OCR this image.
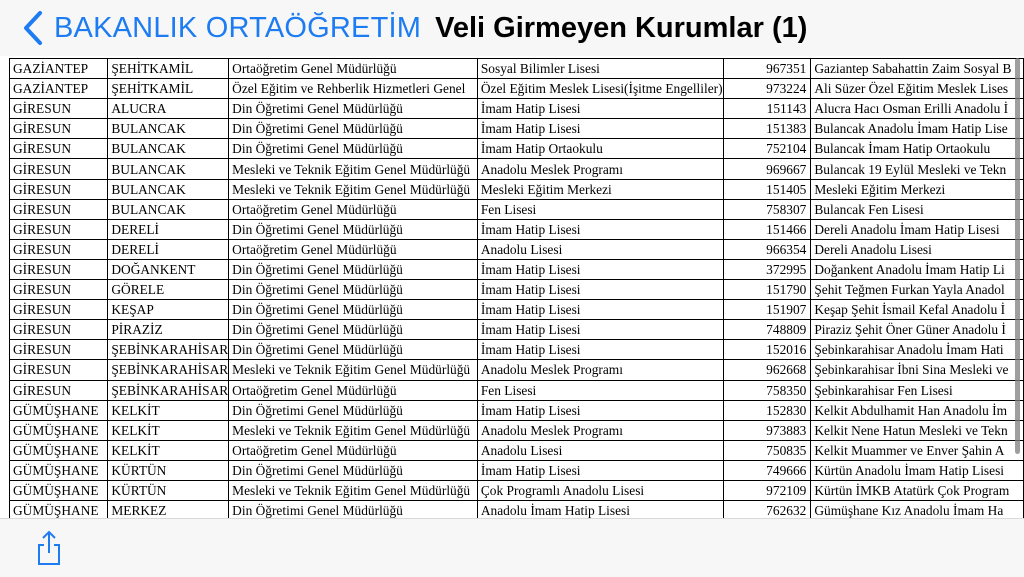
BAKANLIK ORTAÖĞRETİM Veli Girmeyen Kurumlar (1)
GAZİANTEP	ŞEHİTKAMİL	Ortaöğretim Genel Müdürlüğü	Sosyal Bilimler Lisesi	967351	Gaziantep Sabahattin Zaim Sosyal B
GAZİANTEP	ŞEHİTKAMİL	Özel Eğitim ve Rehberlik Hizmetleri Genel	Özel Eğitim Meslek Lisesi(İşitme Engelliler)	973224	Ali Süzer Özel Eğitim Meslek Lises
GİRESUN	ALUCRA	Din Öğretimi Genel Müdürlüğü	İmam Hatip Lisesi	151143	Alucra Hacı Osman Erilli Anadolu İ
GİRESUN	BULANCAK	Din Öğretimi Genel Müdürlüğü	İmam Hatip Lisesi	151383	Bulancak Anadolu İmam Hatip Lise
GİRESUN	BULANCAK	Din Öğretimi Genel Müdürlüğü	İmam Hatip Ortaokulu	752104	Bulancak İmam Hatip Ortaokulu
GİRESUN	BULANCAK	Mesleki ve Teknik Eğitim Genel Müdürlüğü	Anadolu Meslek Programı	969667	Bulancak 19 Eylül Mesleki ve Tekn
GİRESUN	BULANCAK	Mesleki ve Teknik Eğitim Genel Müdürlüğü	Mesleki Eğitim Merkezi	151405	Mesleki Eğitim Merkezi
GİRESUN	BULANCAK	Ortaöğretim Genel Müdürlüğü	Fen Lisesi	758307	Bulancak Fen Lisesi
GİRESUN	DERELİ	Din Öğretimi Genel Müdürlüğü	İmam Hatip Lisesi	151466	Dereli Anadolu İmam Hatip Lisesi
GİRESUN	DERELİ	Ortaöğretim Genel Müdürlüğü	Anadolu Lisesi	966354	Dereli Anadolu Lisesi
GİRESUN	DOĞANKENT	Din Öğretimi Genel Müdürlüğü	İmam Hatip Lisesi	372995	Doğankent Anadolu İmam Hatip Li
GİRESUN	GÖRELE	Din Öğretimi Genel Müdürlüğü	İmam Hatip Lisesi	151790	Şehit Teğmen Furkan Yayla Anadol
GİRESUN	KEŞAP	Din Öğretimi Genel Müdürlüğü	İmam Hatip Lisesi	151907	Keşap Şehit İsmail Kefal Anadolu İ
GİRESUN	PİRAZİZ	Din Öğretimi Genel Müdürlüğü	İmam Hatip Lisesi	748809	Piraziz Şehit Öner Güner Anadolu İ
GİRESUN	ŞEBİNKARAHİSAR	Din Öğretimi Genel Müdürlüğü	İmam Hatip Lisesi	152016	Şebinkarahisar Anadolu İmam Hati
GİRESUN	ŞEBİNKARAHİSAR	Mesleki ve Teknik Eğitim Genel Müdürlüğü	Anadolu Meslek Programı	962668	Şebinkarahisar İbni Sina Mesleki ve
GİRESUN	ŞEBİNKARAHİSAR	Ortaöğretim Genel Müdürlüğü	Fen Lisesi	758350	Şebinkarahisar Fen Lisesi
GÜMÜŞHANE	KELKİT	Din Öğretimi Genel Müdürlüğü	İmam Hatip Lisesi	152830	Kelkit Abdulhamit Han Anadolu İm
GÜMÜŞHANE	KELKİT	Mesleki ve Teknik Eğitim Genel Müdürlüğü	Anadolu Meslek Programı	973883	Kelkit Nene Hatun Mesleki ve Tekn
GÜMÜŞHANE	KELKİT	Ortaöğretim Genel Müdürlüğü	Anadolu Lisesi	750835	Kelkit Muammer ve Enver Şahin A
GÜMÜŞHANE	KÜRTÜN	Din Öğretimi Genel Müdürlüğü	İmam Hatip Lisesi	749666	Kürtün Anadolu İmam Hatip Lisesi
GÜMÜŞHANE	KÜRTÜN	Mesleki ve Teknik Eğitim Genel Müdürlüğü	Çok Programlı Anadolu Lisesi	972109	Kürtün İMKB Atatürk Çok Program
GÜMÜŞHANE	MERKEZ	Din Öğretimi Genel Müdürlüğü	Anadolu İmam Hatip Lisesi	762632	Gümüşhane Kız Anadolu İmam Ha
